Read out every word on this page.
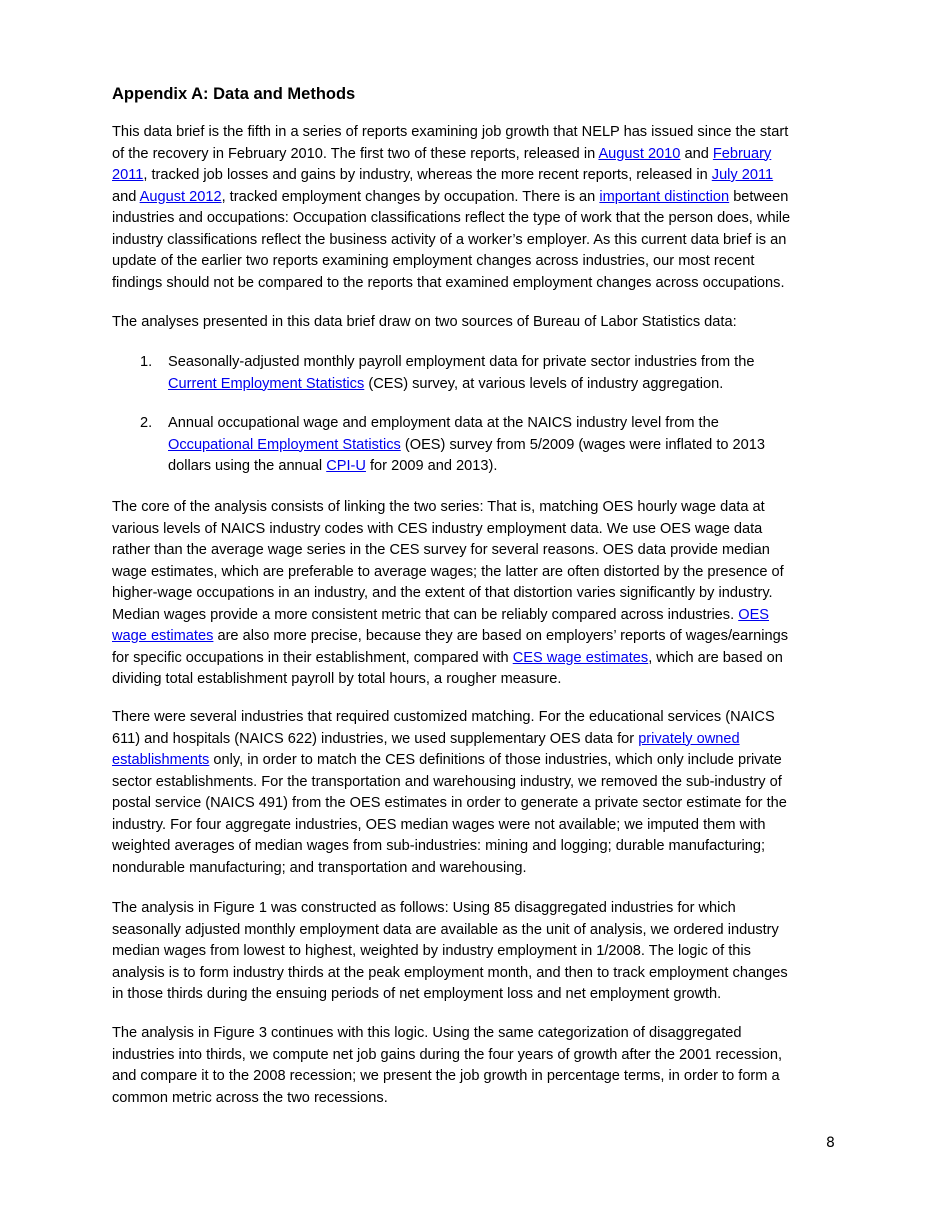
Appendix A: Data and Methods
This data brief is the fifth in a series of reports examining job growth that NELP has issued since the start
of the recovery in February 2010. The first two of these reports, released in August 2010 and February
2011, tracked job losses and gains by industry, whereas the more recent reports, released in July 2011
and August 2012, tracked employment changes by occupation. There is an important distinction between
industries and occupations: Occupation classifications reflect the type of work that the person does, while
industry classifications reflect the business activity of a worker’s employer. As this current data brief is an
update of the earlier two reports examining employment changes across industries, our most recent
findings should not be compared to the reports that examined employment changes across occupations.
The analyses presented in this data brief draw on two sources of Bureau of Labor Statistics data:
1. Seasonally-adjusted monthly payroll employment data for private sector industries from the
Current Employment Statistics (CES) survey, at various levels of industry aggregation.
2. Annual occupational wage and employment data at the NAICS industry level from the
Occupational Employment Statistics (OES) survey from 5/2009 (wages were inflated to 2013
dollars using the annual CPI-U for 2009 and 2013).
The core of the analysis consists of linking the two series: That is, matching OES hourly wage data at
various levels of NAICS industry codes with CES industry employment data. We use OES wage data
rather than the average wage series in the CES survey for several reasons. OES data provide median
wage estimates, which are preferable to average wages; the latter are often distorted by the presence of
higher-wage occupations in an industry, and the extent of that distortion varies significantly by industry.
Median wages provide a more consistent metric that can be reliably compared across industries. OES
wage estimates are also more precise, because they are based on employers’ reports of wages/earnings
for specific occupations in their establishment, compared with CES wage estimates, which are based on
dividing total establishment payroll by total hours, a rougher measure.
There were several industries that required customized matching. For the educational services (NAICS
611) and hospitals (NAICS 622) industries, we used supplementary OES data for privately owned
establishments only, in order to match the CES definitions of those industries, which only include private
sector establishments. For the transportation and warehousing industry, we removed the sub-industry of
postal service (NAICS 491) from the OES estimates in order to generate a private sector estimate for the
industry. For four aggregate industries, OES median wages were not available; we imputed them with
weighted averages of median wages from sub-industries: mining and logging; durable manufacturing;
nondurable manufacturing; and transportation and warehousing.
The analysis in Figure 1 was constructed as follows: Using 85 disaggregated industries for which
seasonally adjusted monthly employment data are available as the unit of analysis, we ordered industry
median wages from lowest to highest, weighted by industry employment in 1/2008. The logic of this
analysis is to form industry thirds at the peak employment month, and then to track employment changes
in those thirds during the ensuing periods of net employment loss and net employment growth.
The analysis in Figure 3 continues with this logic. Using the same categorization of disaggregated
industries into thirds, we compute net job gains during the four years of growth after the 2001 recession,
and compare it to the 2008 recession; we present the job growth in percentage terms, in order to form a
common metric across the two recessions.
8
